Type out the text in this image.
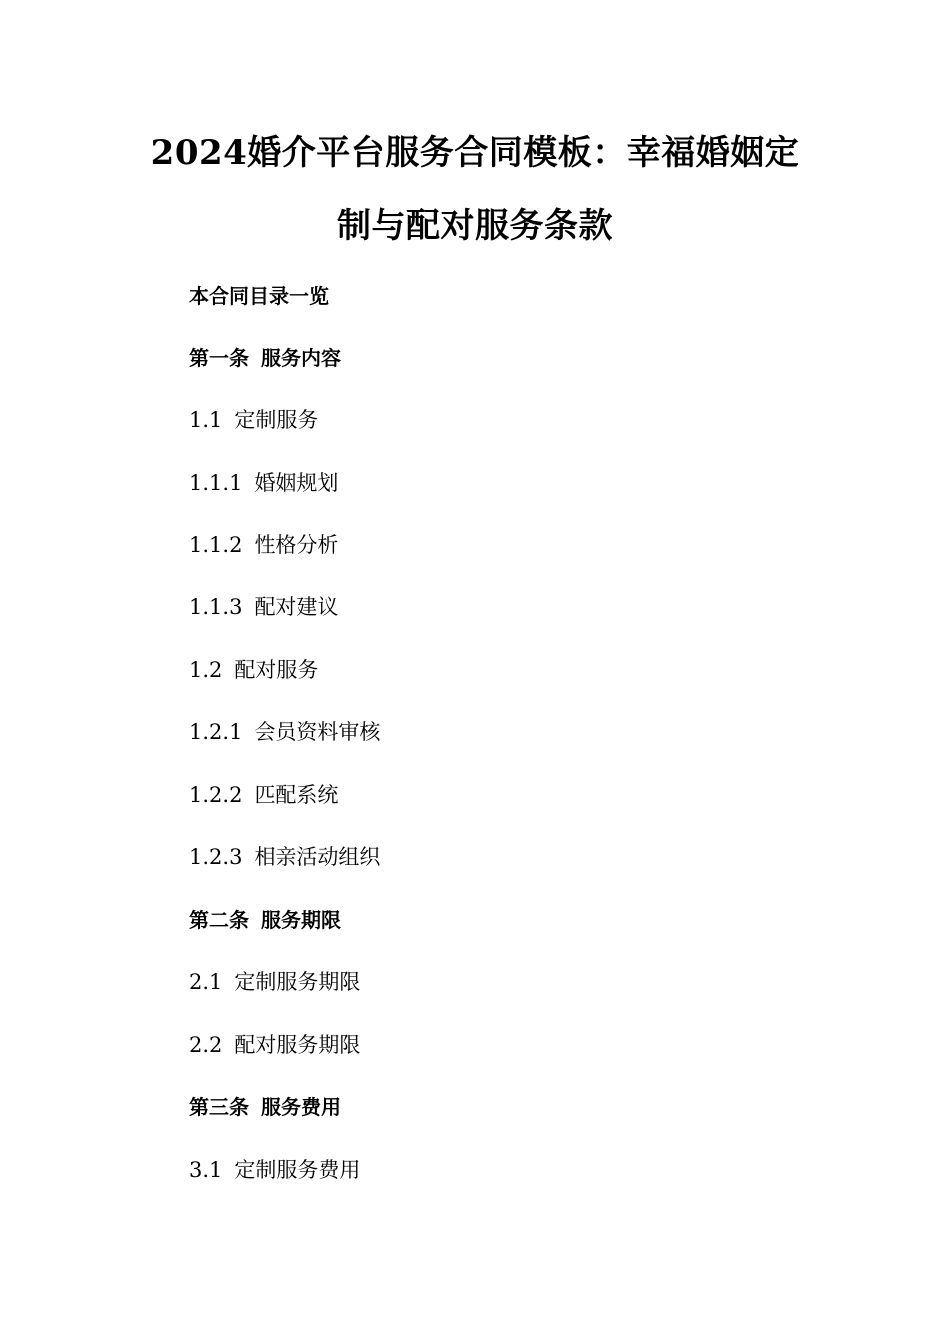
2024婚介平台服务合同模板：幸福婚姻定
制与配对服务条款
本合同目录一览
第一条 服务内容
1.1 定制服务
1.1.1 婚姻规划
1.1.2 性格分析
1.1.3 配对建议
1.2 配对服务
1.2.1 会员资料审核
1.2.2 匹配系统
1.2.3 相亲活动组织
第二条 服务期限
2.1 定制服务期限
2.2 配对服务期限
第三条 服务费用
3.1 定制服务费用
